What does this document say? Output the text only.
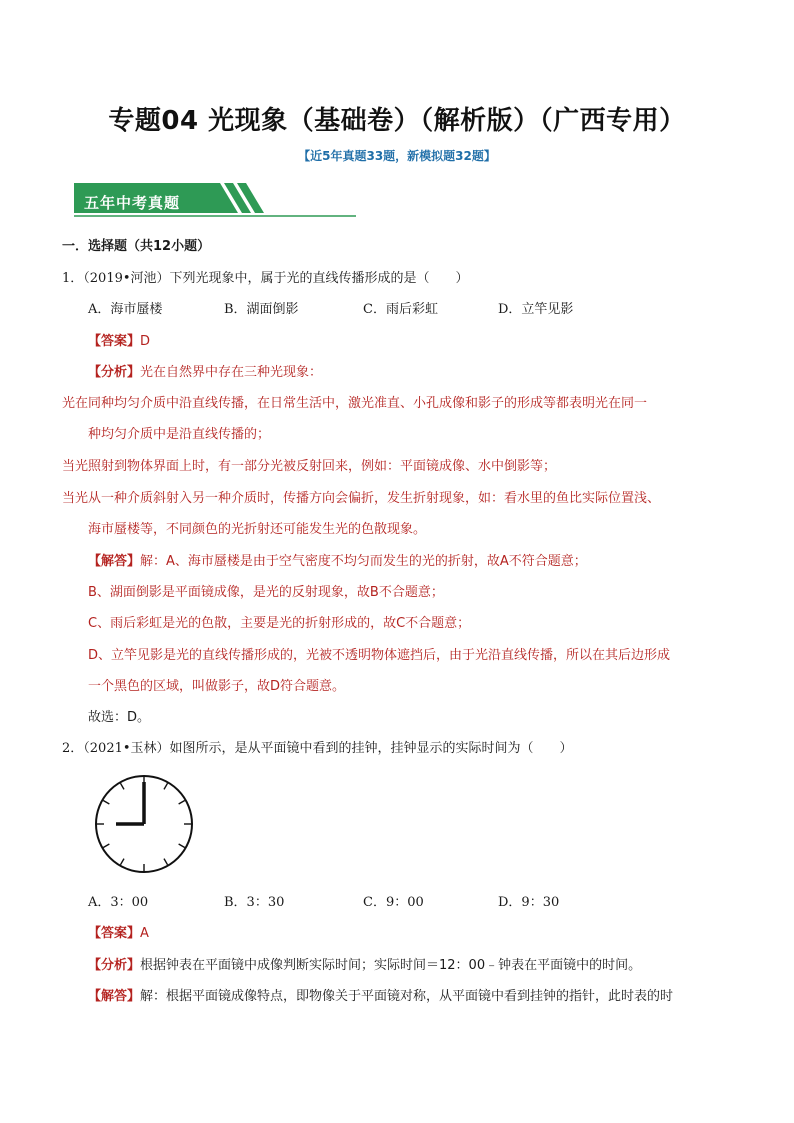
专题04 光现象（基础卷）（解析版）（广西专用）
【近5年真题33题，新模拟题32题】
五年中考真题
一．选择题（共12小题）
1．（2019•河池）下列光现象中，属于光的直线传播形成的是（　　）
A．海市蜃楼	B．湖面倒影	C．雨后彩虹	D．立竿见影
【答案】D
【分析】光在自然界中存在三种光现象：
光在同种均匀介质中沿直线传播，在日常生活中，激光准直、小孔成像和影子的形成等都表明光在同一
种均匀介质中是沿直线传播的；
当光照射到物体界面上时，有一部分光被反射回来，例如：平面镜成像、水中倒影等；
当光从一种介质斜射入另一种介质时，传播方向会偏折，发生折射现象，如：看水里的鱼比实际位置浅、
海市蜃楼等，不同颜色的光折射还可能发生光的色散现象。
【解答】解：A、海市蜃楼是由于空气密度不均匀而发生的光的折射，故A不符合题意；
B、湖面倒影是平面镜成像，是光的反射现象，故B不合题意；
C、雨后彩虹是光的色散，主要是光的折射形成的，故C不合题意；
D、立竿见影是光的直线传播形成的，光被不透明物体遮挡后，由于光沿直线传播，所以在其后边形成
一个黑色的区域，叫做影子，故D符合题意。
故选：D。
2．（2021•玉林）如图所示，是从平面镜中看到的挂钟，挂钟显示的实际时间为（　　）
A．3：00	B．3：30	C．9：00	D．9：30
【答案】A
【分析】根据钟表在平面镜中成像判断实际时间；实际时间＝12：00﹣钟表在平面镜中的时间。
【解答】解：根据平面镜成像特点，即物像关于平面镜对称，从平面镜中看到挂钟的指针，此时表的时
